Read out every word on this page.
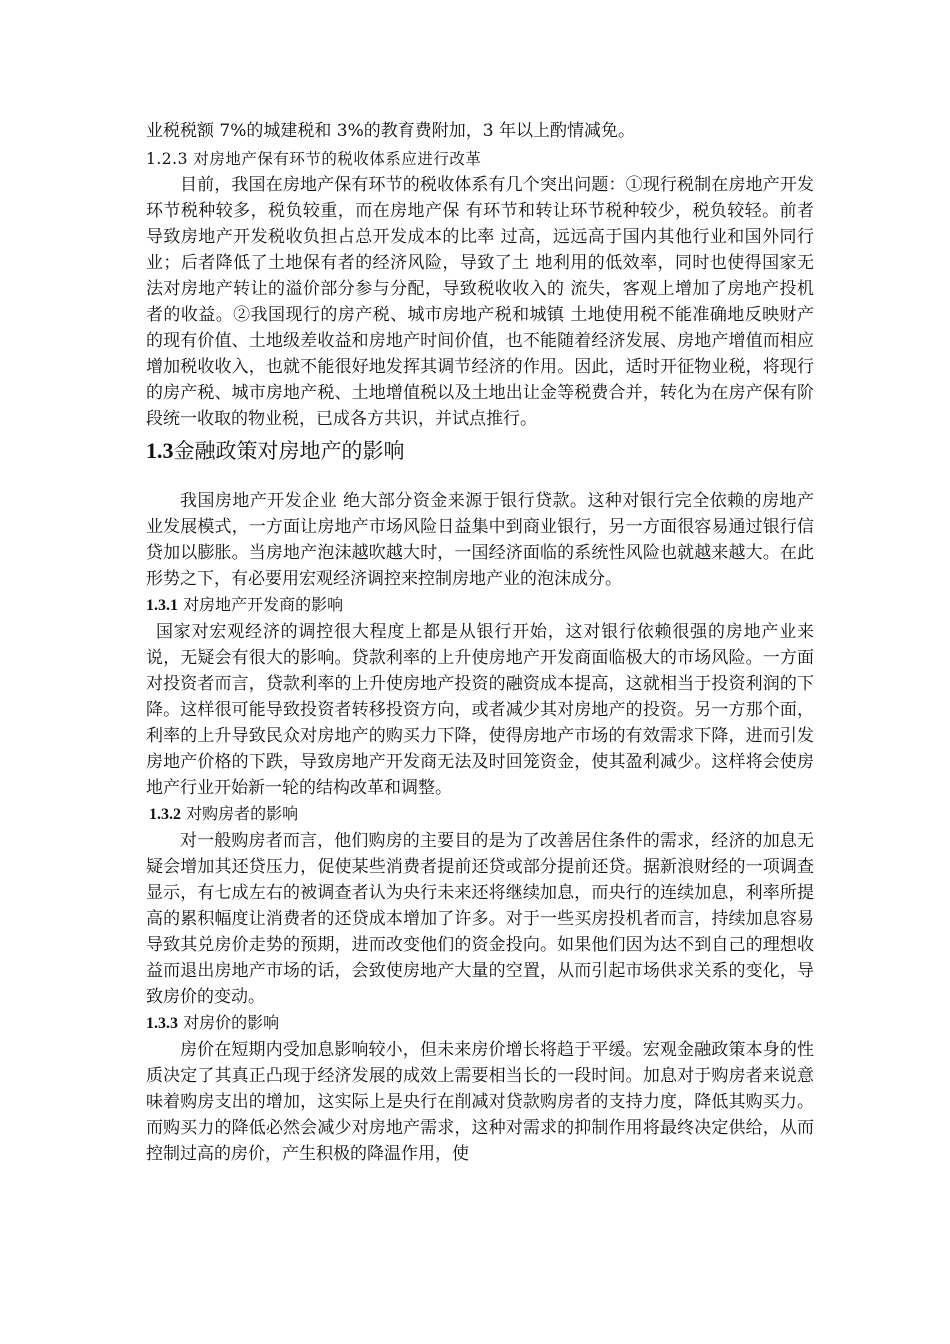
业税税额 7%的城建税和 3%的教育费附加，3 年以上酌情减免。

1.2.3 对房地产保有环节的税收体系应进行改革

目前，我国在房地产保有环节的税收体系有几个突出问题：①现行税制在房地产开发环节税种较多，税负较重，而在房地产保 有环节和转让环节税种较少，税负较轻。前者导致房地产开发税收负担占总开发成本的比率 过高，远远高于国内其他行业和国外同行业；后者降低了土地保有者的经济风险，导致了土 地利用的低效率，同时也使得国家无法对房地产转让的溢价部分参与分配，导致税收收入的 流失，客观上增加了房地产投机者的收益。②我国现行的房产税、城市房地产税和城镇 土地使用税不能准确地反映财产的现有价值、土地级差收益和房地产时间价值，也不能随着经济发展、房地产增值而相应增加税收收入，也就不能很好地发挥其调节经济的作用。因此，适时开征物业税，将现行的房产税、城市房地产税、土地增值税以及土地出让金等税费合并，转化为在房产保有阶段统一收取的物业税，已成各方共识，并试点推行。

1.3金融政策对房地产的影响

我国房地产开发企业 绝大部分资金来源于银行贷款。这种对银行完全依赖的房地产业发展模式，一方面让房地产市场风险日益集中到商业银行，另一方面很容易通过银行信贷加以膨胀。当房地产泡沫越吹越大时，一国经济面临的系统性风险也就越来越大。在此形势之下，有必要用宏观经济调控来控制房地产业的泡沫成分。

1.3.1 对房地产开发商的影响

国家对宏观经济的调控很大程度上都是从银行开始，这对银行依赖很强的房地产业来说，无疑会有很大的影响。贷款利率的上升使房地产开发商面临极大的市场风险。一方面对投资者而言，贷款利率的上升使房地产投资的融资成本提高，这就相当于投资利润的下降。这样很可能导致投资者转移投资方向，或者减少其对房地产的投资。另一方那个面，利率的上升导致民众对房地产的购买力下降，使得房地产市场的有效需求下降，进而引发房地产价格的下跌，导致房地产开发商无法及时回笼资金，使其盈利减少。这样将会使房地产行业开始新一轮的结构改革和调整。

1.3.2 对购房者的影响

对一般购房者而言，他们购房的主要目的是为了改善居住条件的需求，经济的加息无疑会增加其还贷压力，促使某些消费者提前还贷或部分提前还贷。据新浪财经的一项调查显示，有七成左右的被调查者认为央行未来还将继续加息，而央行的连续加息，利率所提高的累积幅度让消费者的还贷成本增加了许多。对于一些买房投机者而言，持续加息容易导致其兑房价走势的预期，进而改变他们的资金投向。如果他们因为达不到自己的理想收益而退出房地产市场的话，会致使房地产大量的空置，从而引起市场供求关系的变化，导致房价的变动。

1.3.3 对房价的影响

房价在短期内受加息影响较小，但未来房价增长将趋于平缓。宏观金融政策本身的性质决定了其真正凸现于经济发展的成效上需要相当长的一段时间。加息对于购房者来说意味着购房支出的增加，这实际上是央行在削减对贷款购房者的支持力度，降低其购买力。而购买力的降低必然会减少对房地产需求，这种对需求的抑制作用将最终决定供给，从而控制过高的房价，产生积极的降温作用，使
